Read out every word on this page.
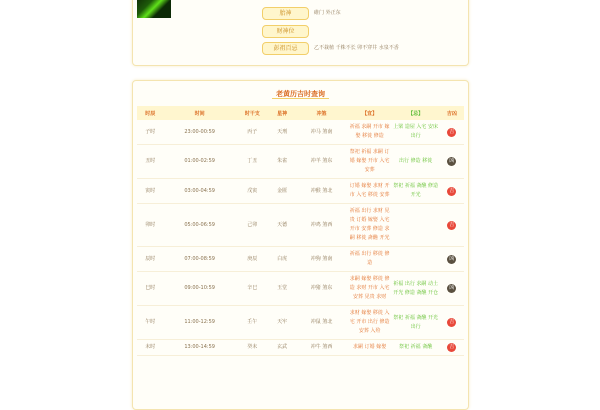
胎神	碓门 外正东
财神位
彭祖百忌	乙不栽植 千株不长 卯不穿井 水泉不香
老黄历吉时查询
时辰	时间	时干支	星神	冲煞	【宜】	【忌】	吉凶
子时	23:00-00:59	丙子	天刑	冲马 煞南	祈福 求嗣 开市 嫁娶 移徙 修造	上梁 造屋 入宅 安床 出行	吉
丑时	01:00-02:59	丁丑	朱雀	冲羊 煞东	祭祀 祈福 求嗣 订婚 嫁娶 开市 入宅 安葬	出行 修造 移徙	凶
寅时	03:00-04:59	戊寅	金匮	冲猴 煞北	订婚 嫁娶 求财 开市 入宅 移徙 安葬	祭祀 祈福 斋醮 修造 开光	吉
卯时	05:00-06:59	己卯	天德	冲鸡 煞西	祈福 出行 求财 见贵 订婚 嫁娶 入宅 开市 安葬 修造 求嗣 移徙 斋醮 开光		吉
辰时	07:00-08:59	庚辰	白虎	冲狗 煞南	祈福 出行 移徙 修造		凶
巳时	09:00-10:59	辛巳	玉堂	冲猪 煞东	求嗣 嫁娶 移徙 修造 求财 开市 入宅 安葬 见贵 求财	祈福 出行 求嗣 动土 开光 修造 斋醮 开仓	凶
午时	11:00-12:59	壬午	天牢	冲鼠 煞北	求财 嫁娶 移徙 入宅 开市 出行 修造 安葬 入殓	祭祀 祈福 斋醮 开光 出行	吉
未时	13:00-14:59	癸未	玄武	冲牛 煞西	求嗣 订婚 嫁娶	祭祀 祈福 斋醮	吉
